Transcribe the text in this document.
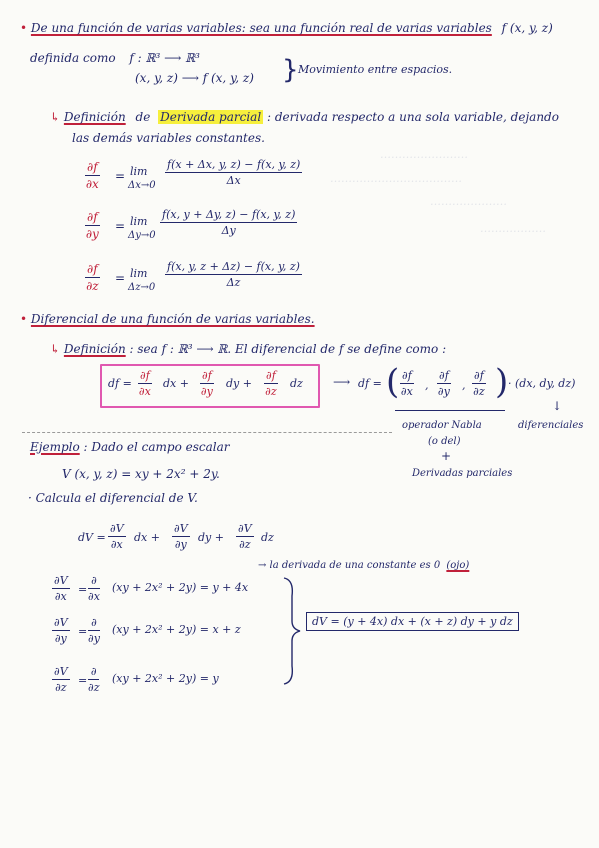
……………………
………………………………
…………………
………………
• De una función de varias variables: sea una función real de varias variables f (x, y, z)
definida como f : ℝ³ ⟶ ℝ³
(x, y, z) ⟶ f (x, y, z) } Movimiento entre espacios.
↳ Definición de Derivada parcial : derivada respecto a una sola variable, dejando
las demás variables constantes.
$\frac{\partial f}{\partial x} = \lim$
$\Delta x\to 0 \frac{f(x + \Delta x, y, z) - f(x, y, z)}{\Delta x}$
$\frac{\partial f}{\partial y} = \lim$
$\Delta y\to 0 \frac{f(x, y + \Delta y, z) - f(x, y, z)}{\Delta y}$
$\frac{\partial f}{\partial z} = \lim$
$\Delta z\to 0 \frac{f(x, y, z + \Delta z) - f(x, y, z)}{\Delta z}$
• Diferencial de una función de varias variables.
↳ Definición : sea f : ℝ³ ⟶ ℝ. El diferencial de f se define como :
df = $\frac{\partial f}{\partial x}$ dx + $\frac{\partial f}{\partial y}$ dy + $\frac{\partial f}{\partial z}$ dz	⟶ df = ( $\frac{\partial f}{\partial x}$ , $\frac{\partial f}{\partial y}$ , $\frac{\partial f}{\partial z}$ ) · (dx, dy, dz)
↓
operador Nabla	diferenciales
(o del)
+
Derivadas parciales
Ejemplo : Dado el campo escalar
V (x, y, z) = xy + 2x² + 2y.
· Calcula el diferencial de V.
dV = $\frac{\partial V}{\partial x}$ dx + $\frac{\partial V}{\partial y}$ dy + $\frac{\partial V}{\partial z}$ dz
→ la derivada de una constante es 0 (ojo)
$\frac{\partial V}{\partial x}$ =
∂
∂x
(xy + 2x² + 2y) = y + 4x
$\frac{\partial V}{\partial y}$ =
∂
∂y
(xy + 2x² + 2y) = x + z
$\frac{\partial V}{\partial z}$ =
∂
∂z
(xy + 2x² + 2y) = y
dV = (y + 4x) dx + (x + z) dy + y dz
